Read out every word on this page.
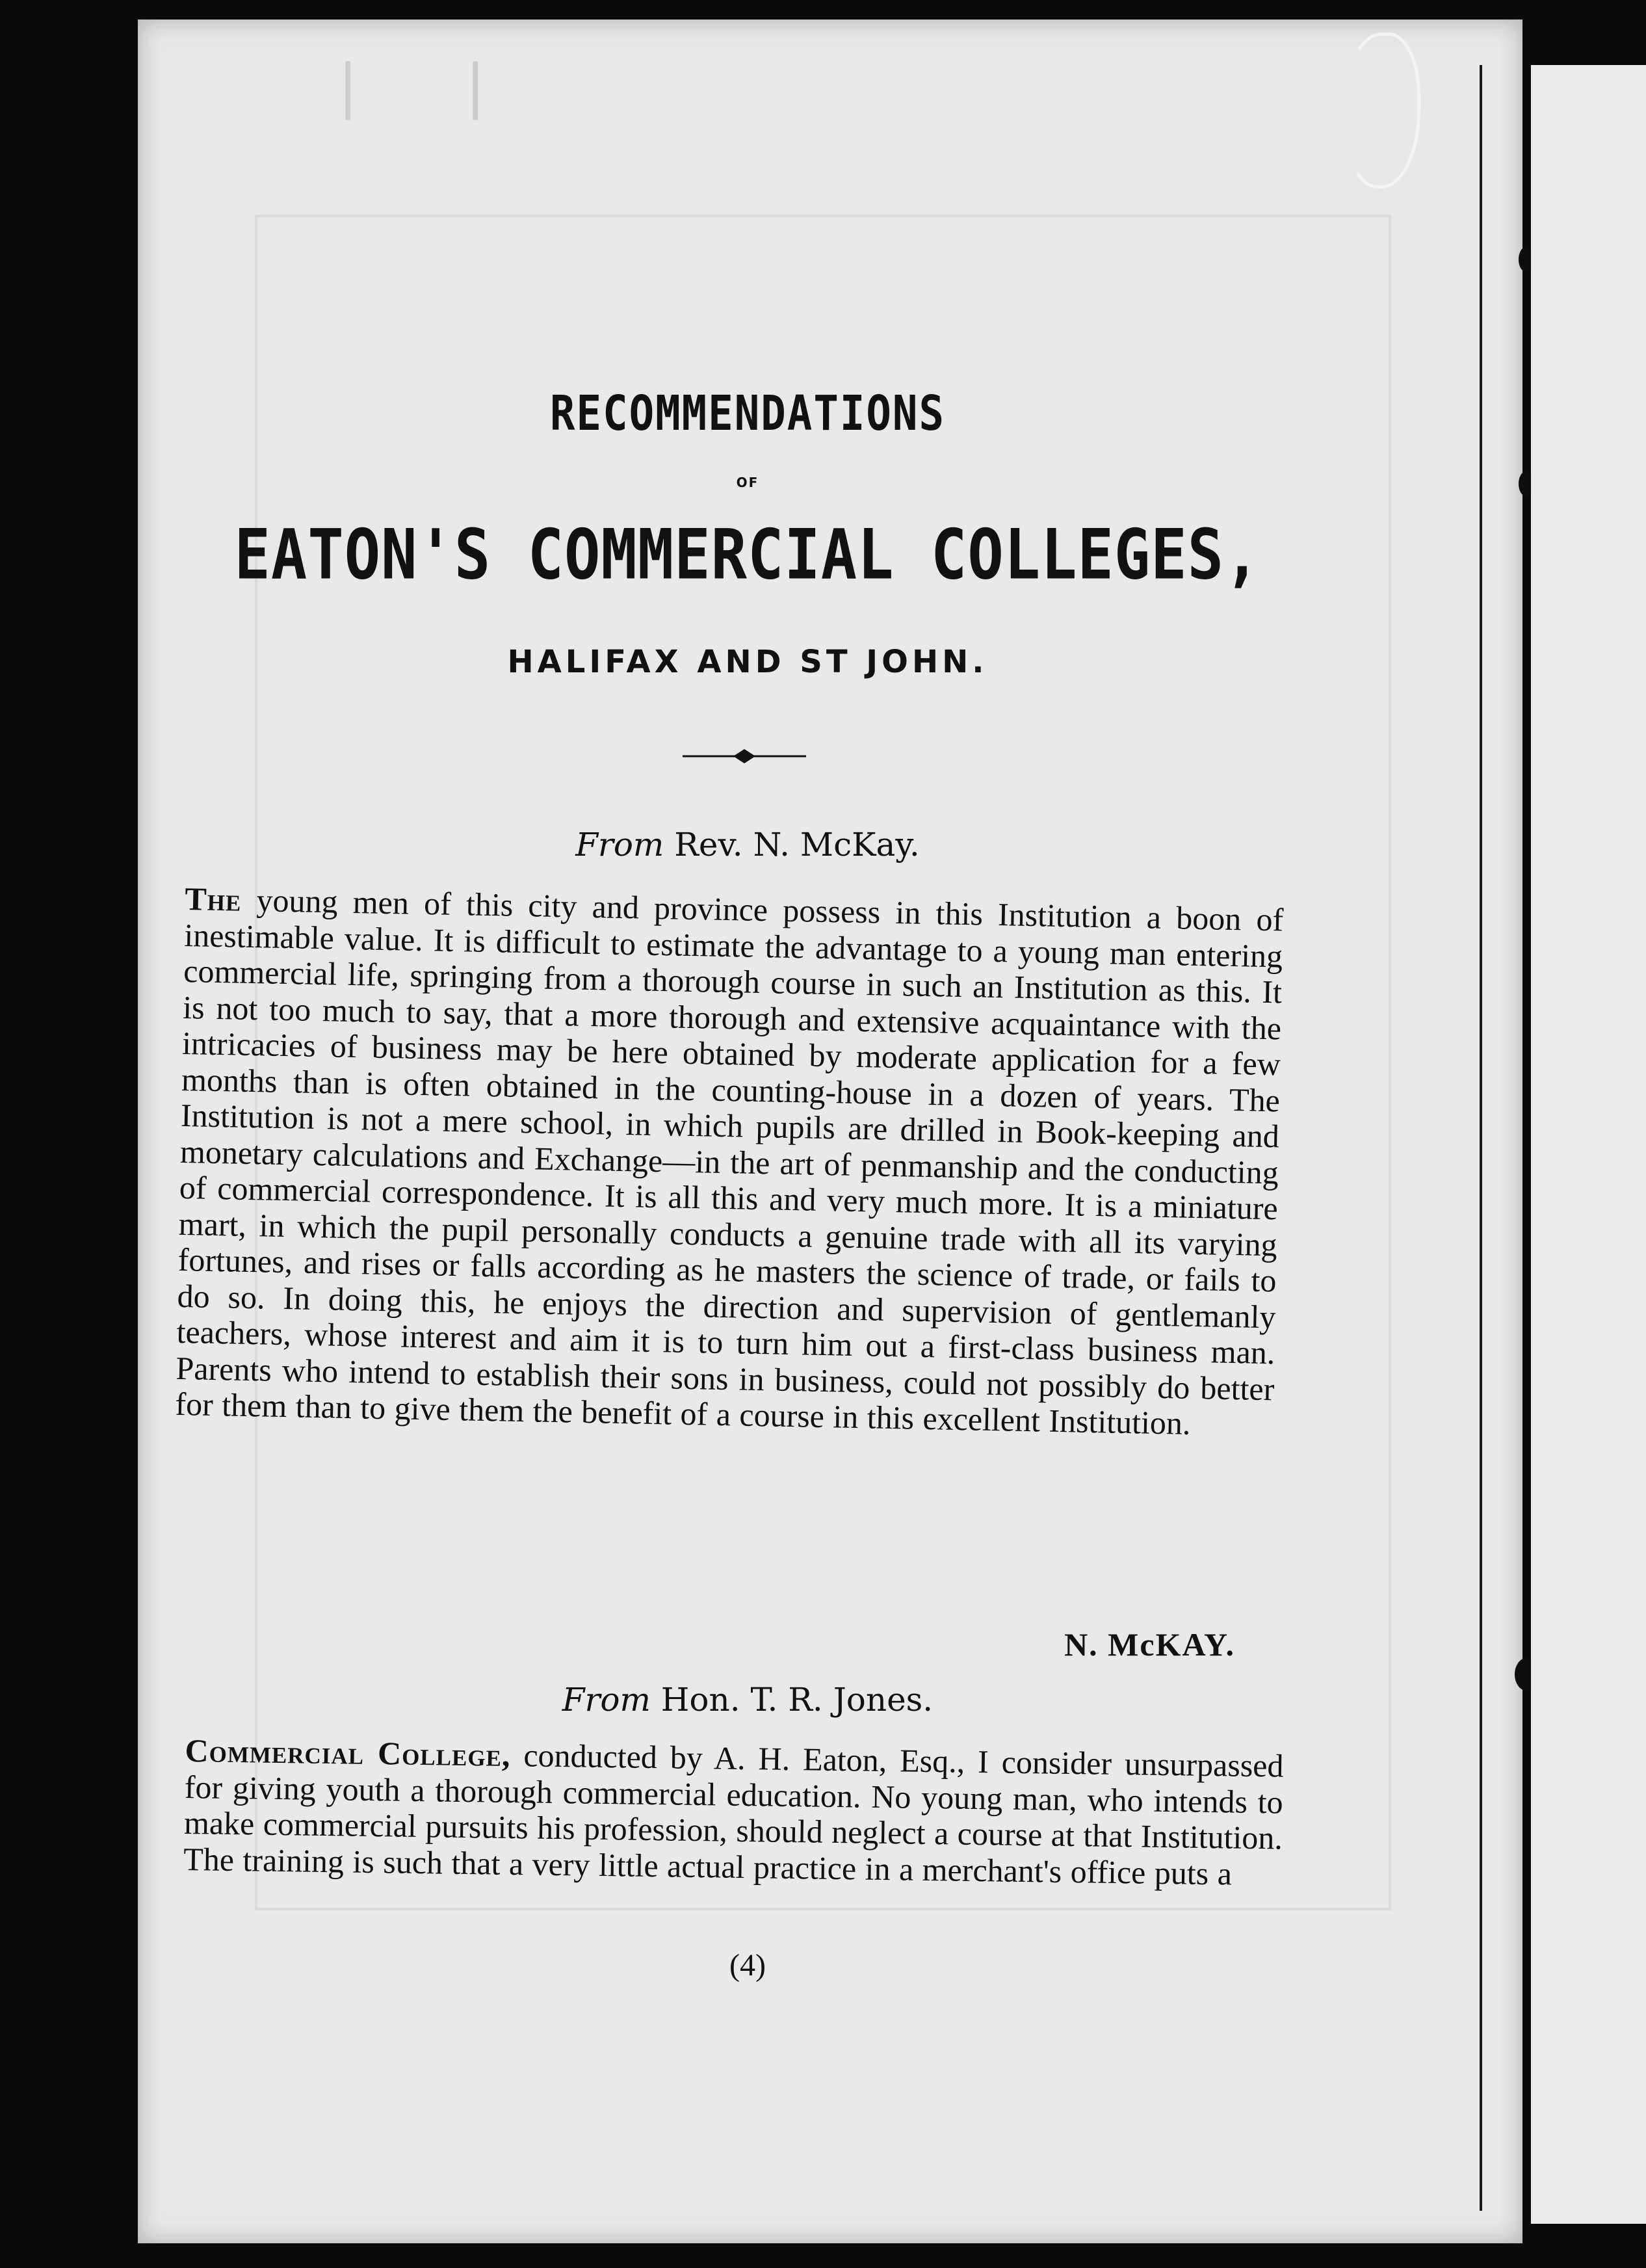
|   |
RECOMMENDATIONS
OF
EATON'S COMMERCIAL COLLEGES,
HALIFAX AND ST JOHN.
From Rev. N. McKay.
The young men of this city and province possess in this Institution a boon of inestimable value. It is difficult to estimate the advantage to a young man entering commercial life, springing from a thorough course in such an Institution as this. It is not too much to say, that a more thorough and extensive acquaintance with the intricacies of business may be here obtained by moderate application for a few months than is often obtained in the counting-house in a dozen of years. The Institution is not a mere school, in which pupils are drilled in Book-keeping and monetary calculations and Exchange—in the art of penmanship and the conducting of commercial correspondence. It is all this and very much more. It is a miniature mart, in which the pupil personally conducts a genuine trade with all its varying fortunes, and rises or falls according as he masters the science of trade, or fails to do so. In doing this, he enjoys the direction and supervision of gentlemanly teachers, whose interest and aim it is to turn him out a first-class business man. Parents who intend to establish their sons in business, could not possibly do better for them than to give them the benefit of a course in this excellent Institution.
N. McKAY.
From Hon. T. R. Jones.
Commercial College, conducted by A. H. Eaton, Esq., I consider unsurpassed for giving youth a thorough commercial education. No young man, who intends to make commercial pursuits his profession, should neglect a course at that Institution. The training is such that a very little actual practice in a merchant's office puts a
(4)
